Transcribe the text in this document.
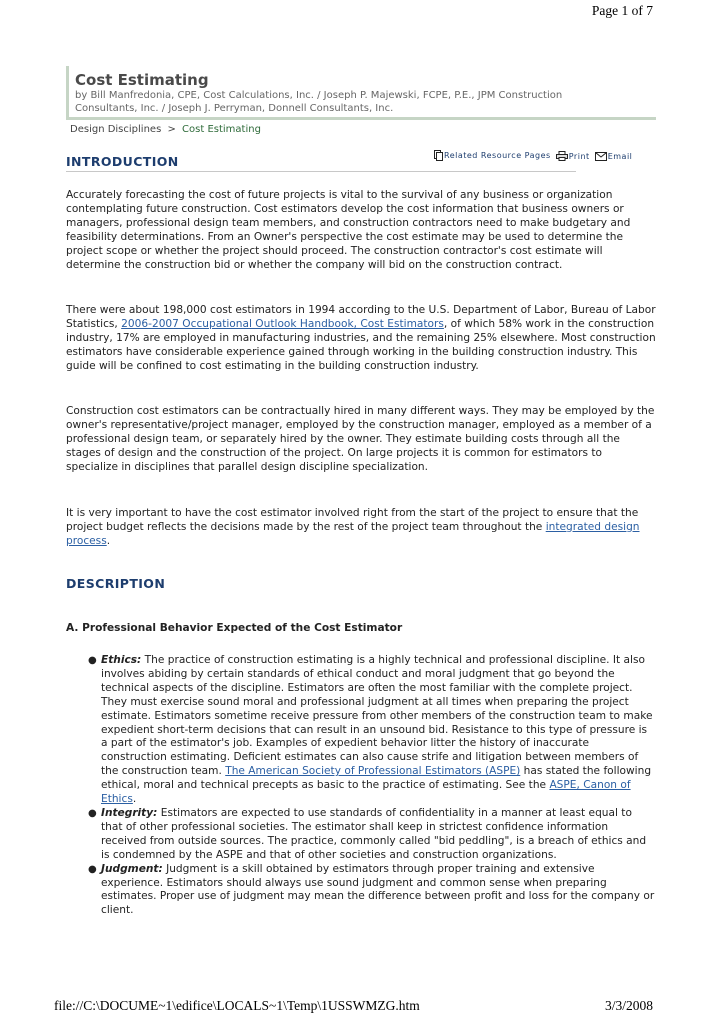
Page 1 of 7
Cost Estimating
by Bill Manfredonia, CPE, Cost Calculations, Inc. / Joseph P. Majewski, FCPE, P.E., JPM Construction
Consultants, Inc. / Joseph J. Perryman, Donnell Consultants, Inc.
Design Disciplines > Cost Estimating
INTRODUCTION	Related Resource Pages
Print
Email

Accurately forecasting the cost of future projects is vital to the survival of any business or organization contemplating future construction. Cost estimators develop the cost information that business owners or managers, professional design team members, and construction contractors need to make budgetary and feasibility determinations. From an Owner's perspective the cost estimate may be used to determine the project scope or whether the project should proceed. The construction contractor's cost estimate will determine the construction bid or whether the company will bid on the construction contract.

There were about 198,000 cost estimators in 1994 according to the U.S. Department of Labor, Bureau of Labor Statistics, 2006-2007 Occupational Outlook Handbook, Cost Estimators, of which 58% work in the construction industry, 17% are employed in manufacturing industries, and the remaining 25% elsewhere. Most construction estimators have considerable experience gained through working in the building construction industry. This guide will be confined to cost estimating in the building construction industry.

Construction cost estimators can be contractually hired in many different ways. They may be employed by the owner's representative/project manager, employed by the construction manager, employed as a member of a professional design team, or separately hired by the owner. They estimate building costs through all the stages of design and the construction of the project. On large projects it is common for estimators to specialize in disciplines that parallel design discipline specialization.

It is very important to have the cost estimator involved right from the start of the project to ensure that the project budget reflects the decisions made by the rest of the project team throughout the integrated design process.

DESCRIPTION
A. Professional Behavior Expected of the Cost Estimator
● Ethics: The practice of construction estimating is a highly technical and professional discipline. It also involves abiding by certain standards of ethical conduct and moral judgment that go beyond the technical aspects of the discipline. Estimators are often the most familiar with the complete project. They must exercise sound moral and professional judgment at all times when preparing the project estimate. Estimators sometime receive pressure from other members of the construction team to make expedient short-term decisions that can result in an unsound bid. Resistance to this type of pressure is a part of the estimator's job. Examples of expedient behavior litter the history of inaccurate construction estimating. Deficient estimates can also cause strife and litigation between members of the construction team. The American Society of Professional Estimators (ASPE) has stated the following ethical, moral and technical precepts as basic to the practice of estimating. See the ASPE, Canon of Ethics.
● Integrity: Estimators are expected to use standards of confidentiality in a manner at least equal to that of other professional societies. The estimator shall keep in strictest confidence information received from outside sources. The practice, commonly called "bid peddling", is a breach of ethics and is condemned by the ASPE and that of other societies and construction organizations.
● Judgment: Judgment is a skill obtained by estimators through proper training and extensive experience. Estimators should always use sound judgment and common sense when preparing estimates. Proper use of judgment may mean the difference between profit and loss for the company or client.
file://C:\DOCUME~1\edifice\LOCALS~1\Temp\1USSWMZG.htm	3/3/2008
